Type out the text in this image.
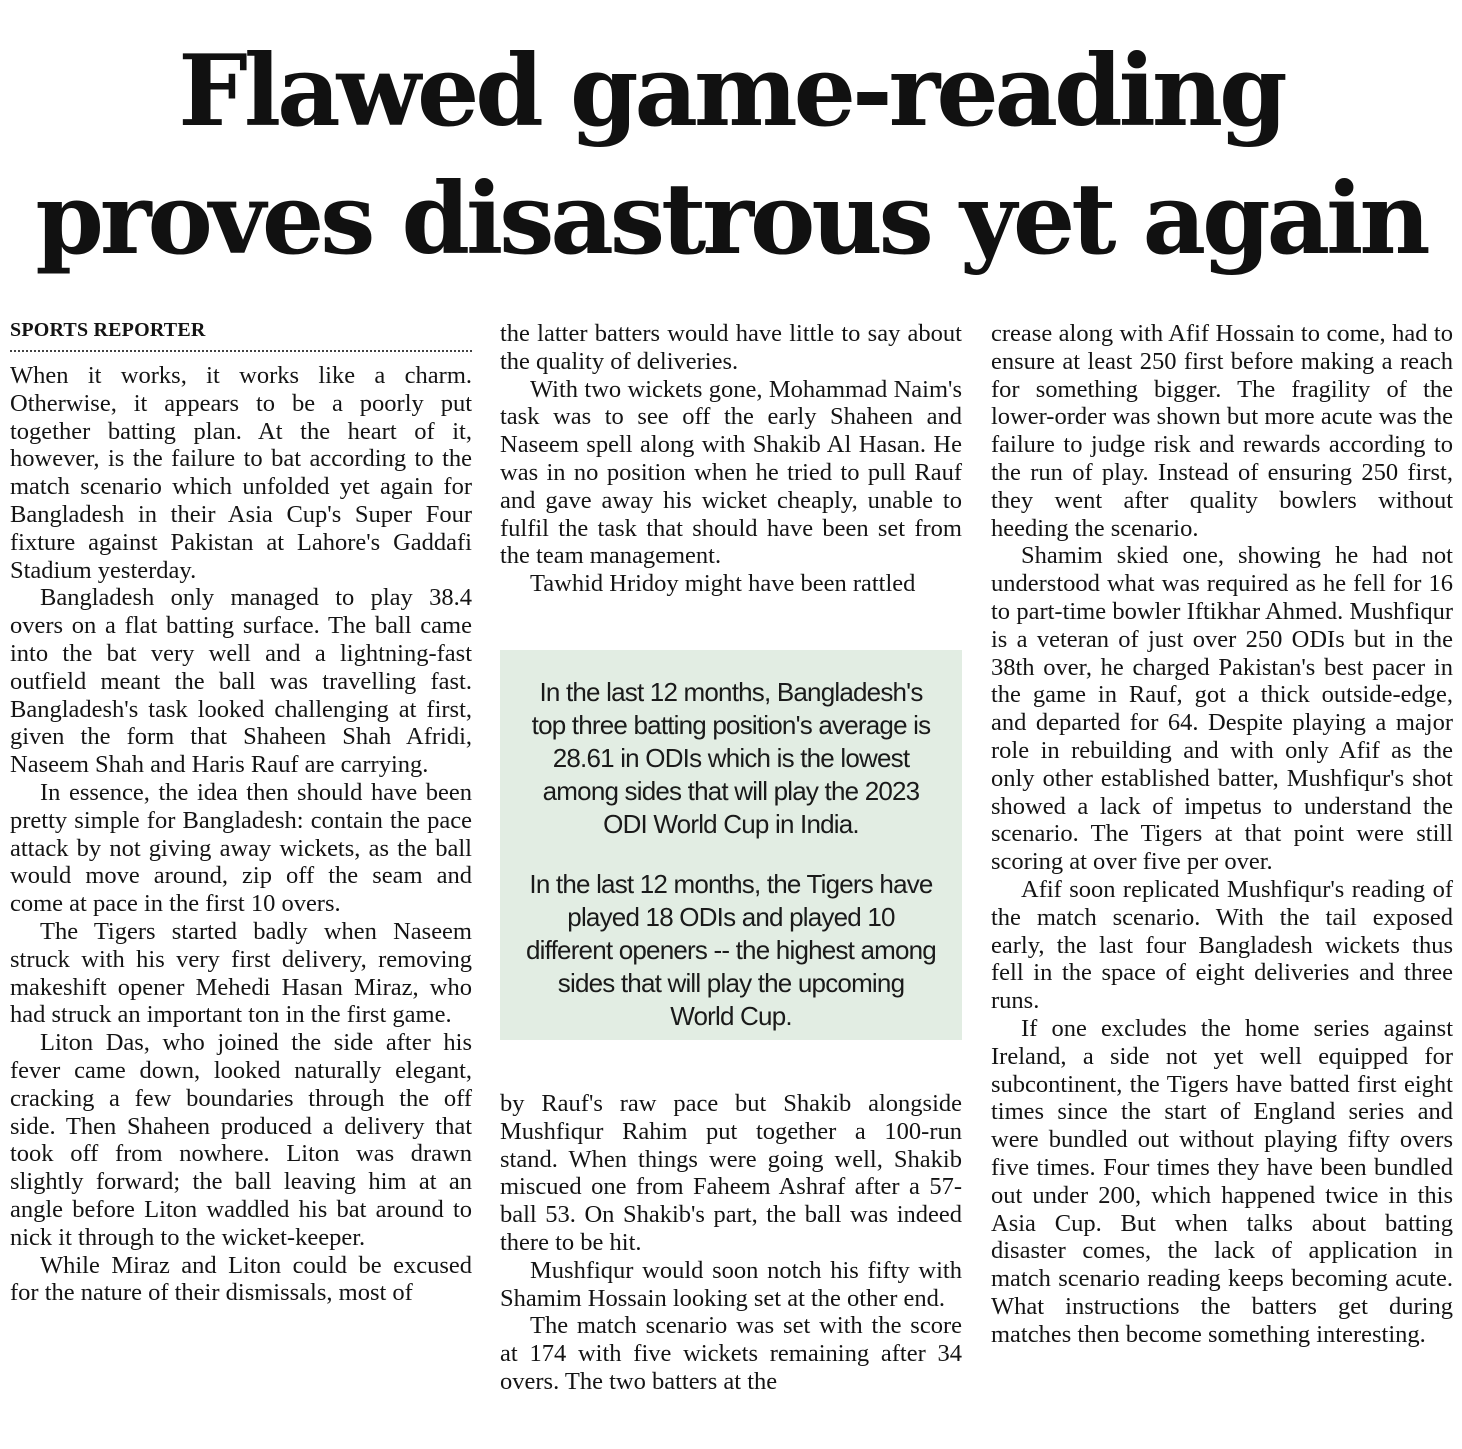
Flawed game-reading
proves disastrous yet again
SPORTS REPORTER

When it works, it works like a charm. Otherwise, it appears to be a poorly put together batting plan. At the heart of it, however, is the failure to bat according to the match scenario which unfolded yet again for Bangladesh in their Asia Cup's Super Four fixture against Pakistan at Lahore's Gaddafi Stadium yesterday.

Bangladesh only managed to play 38.4 overs on a flat batting surface. The ball came into the bat very well and a lightning-fast outfield meant the ball was travelling fast. Bangladesh's task looked challenging at first, given the form that Shaheen Shah Afridi, Naseem Shah and Haris Rauf are carrying.

In essence, the idea then should have been pretty simple for Bangladesh: contain the pace attack by not giving away wickets, as the ball would move around, zip off the seam and come at pace in the first 10 overs.

The Tigers started badly when Naseem struck with his very first delivery, removing makeshift opener Mehedi Hasan Miraz, who had struck an important ton in the first game.

Liton Das, who joined the side after his fever came down, looked naturally elegant, cracking a few boundaries through the off side. Then Shaheen produced a delivery that took off from nowhere. Liton was drawn slightly forward; the ball leaving him at an angle before Liton waddled his bat around to nick it through to the wicket-keeper.

While Miraz and Liton could be excused for the nature of their dismissals, most of

the latter batters would have little to say about the quality of deliveries.

With two wickets gone, Mohammad Naim's task was to see off the early Shaheen and Naseem spell along with Shakib Al Hasan. He was in no position when he tried to pull Rauf and gave away his wicket cheaply, unable to fulfil the task that should have been set from the team management.

Tawhid Hridoy might have been rattled

In the last 12 months, Bangladesh's top three batting position's average is 28.61 in ODIs which is the lowest among sides that will play the 2023 ODI World Cup in India.
In the last 12 months, the Tigers have played 18 ODIs and played 10 different openers -- the highest among sides that will play the upcoming World Cup.

by Rauf's raw pace but Shakib alongside Mushfiqur Rahim put together a 100-run stand. When things were going well, Shakib miscued one from Faheem Ashraf after a 57-ball 53. On Shakib's part, the ball was indeed there to be hit.

Mushfiqur would soon notch his fifty with Shamim Hossain looking set at the other end.

The match scenario was set with the score at 174 with five wickets remaining after 34 overs. The two batters at the

crease along with Afif Hossain to come, had to ensure at least 250 first before making a reach for something bigger. The fragility of the lower-order was shown but more acute was the failure to judge risk and rewards according to the run of play. Instead of ensuring 250 first, they went after quality bowlers without heeding the scenario.

Shamim skied one, showing he had not understood what was required as he fell for 16 to part-time bowler Iftikhar Ahmed. Mushfiqur is a veteran of just over 250 ODIs but in the 38th over, he charged Pakistan's best pacer in the game in Rauf, got a thick outside-edge, and departed for 64. Despite playing a major role in rebuilding and with only Afif as the only other established batter, Mushfiqur's shot showed a lack of impetus to understand the scenario. The Tigers at that point were still scoring at over five per over.

Afif soon replicated Mushfiqur's reading of the match scenario. With the tail exposed early, the last four Bangladesh wickets thus fell in the space of eight deliveries and three runs.

If one excludes the home series against Ireland, a side not yet well equipped for subcontinent, the Tigers have batted first eight times since the start of England series and were bundled out without playing fifty overs five times. Four times they have been bundled out under 200, which happened twice in this Asia Cup. But when talks about batting disaster comes, the lack of application in match scenario reading keeps becoming acute. What instructions the batters get during matches then become something interesting.
